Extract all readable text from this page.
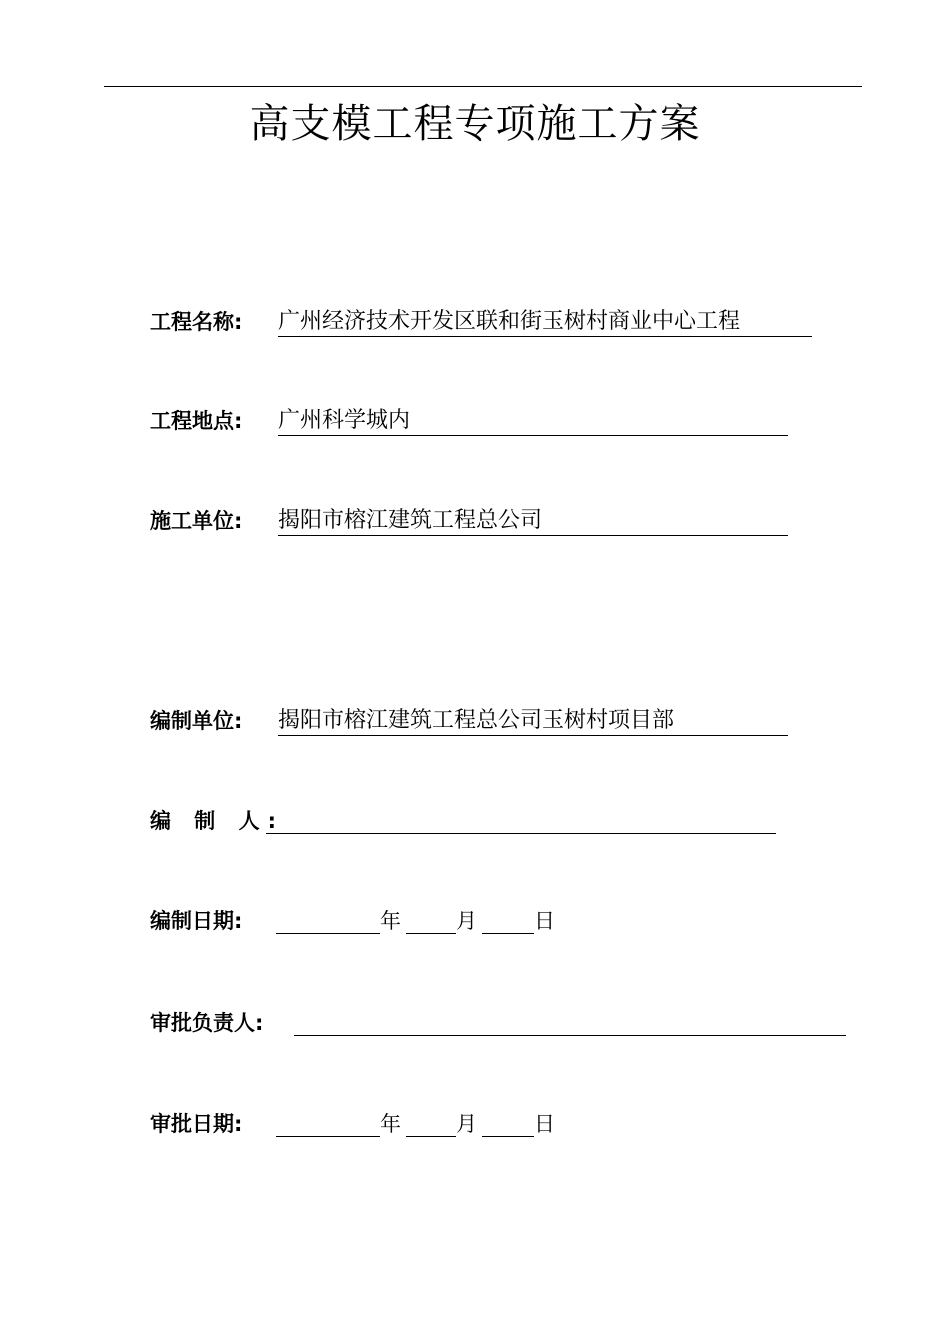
高支模工程专项施工方案
工程名称: 广州经济技术开发区联和街玉树村商业中心工程
工程地点: 广州科学城内
施工单位: 揭阳市榕江建筑工程总公司
编制单位: 揭阳市榕江建筑工程总公司玉树村项目部
编 制 人:
编制日期:	年	月	日
审批负责人:
审批日期:	年	月	日
